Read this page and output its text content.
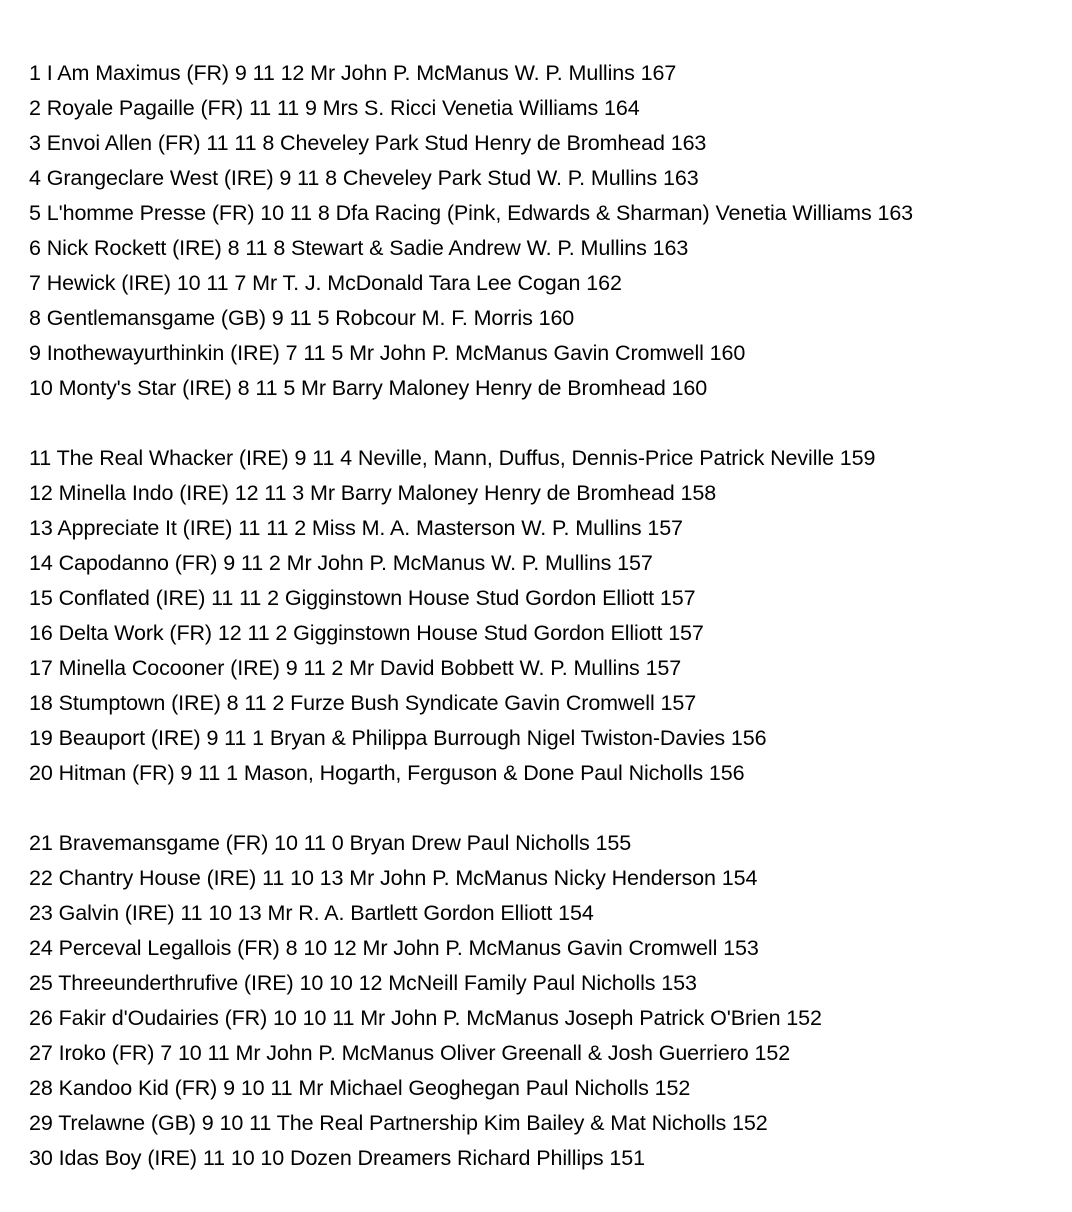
1 I Am Maximus (FR) 9 11 12 Mr John P. McManus W. P. Mullins 167
2 Royale Pagaille (FR) 11 11 9 Mrs S. Ricci Venetia Williams 164
3 Envoi Allen (FR) 11 11 8 Cheveley Park Stud Henry de Bromhead 163
4 Grangeclare West (IRE) 9 11 8 Cheveley Park Stud W. P. Mullins 163
5 L'homme Presse (FR) 10 11 8 Dfa Racing (Pink, Edwards & Sharman) Venetia Williams 163
6 Nick Rockett (IRE) 8 11 8 Stewart & Sadie Andrew W. P. Mullins 163
7 Hewick (IRE) 10 11 7 Mr T. J. McDonald Tara Lee Cogan 162
8 Gentlemansgame (GB) 9 11 5 Robcour M. F. Morris 160
9 Inothewayurthinkin (IRE) 7 11 5 Mr John P. McManus Gavin Cromwell 160
10 Monty's Star (IRE) 8 11 5 Mr Barry Maloney Henry de Bromhead 160
11 The Real Whacker (IRE) 9 11 4 Neville, Mann, Duffus, Dennis-Price Patrick Neville 159
12 Minella Indo (IRE) 12 11 3 Mr Barry Maloney Henry de Bromhead 158
13 Appreciate It (IRE) 11 11 2 Miss M. A. Masterson W. P. Mullins 157
14 Capodanno (FR) 9 11 2 Mr John P. McManus W. P. Mullins 157
15 Conflated (IRE) 11 11 2 Gigginstown House Stud Gordon Elliott 157
16 Delta Work (FR) 12 11 2 Gigginstown House Stud Gordon Elliott 157
17 Minella Cocooner (IRE) 9 11 2 Mr David Bobbett W. P. Mullins 157
18 Stumptown (IRE) 8 11 2 Furze Bush Syndicate Gavin Cromwell 157
19 Beauport (IRE) 9 11 1 Bryan & Philippa Burrough Nigel Twiston-Davies 156
20 Hitman (FR) 9 11 1 Mason, Hogarth, Ferguson & Done Paul Nicholls 156
21 Bravemansgame (FR) 10 11 0 Bryan Drew Paul Nicholls 155
22 Chantry House (IRE) 11 10 13 Mr John P. McManus Nicky Henderson 154
23 Galvin (IRE) 11 10 13 Mr R. A. Bartlett Gordon Elliott 154
24 Perceval Legallois (FR) 8 10 12 Mr John P. McManus Gavin Cromwell 153
25 Threeunderthrufive (IRE) 10 10 12 McNeill Family Paul Nicholls 153
26 Fakir d'Oudairies (FR) 10 10 11 Mr John P. McManus Joseph Patrick O'Brien 152
27 Iroko (FR) 7 10 11 Mr John P. McManus Oliver Greenall & Josh Guerriero 152
28 Kandoo Kid (FR) 9 10 11 Mr Michael Geoghegan Paul Nicholls 152
29 Trelawne (GB) 9 10 11 The Real Partnership Kim Bailey & Mat Nicholls 152
30 Idas Boy (IRE) 11 10 10 Dozen Dreamers Richard Phillips 151
